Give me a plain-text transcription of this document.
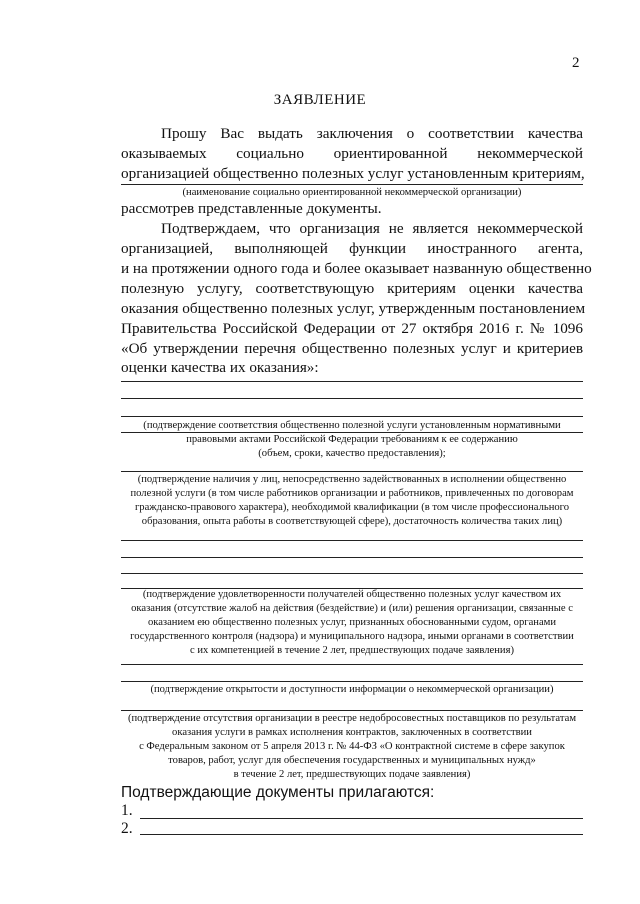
2
ЗАЯВЛЕНИЕ
Прошу Вас выдать заключения о соответствии качества
оказываемых социально ориентированной некоммерческой
организацией общественно полезных услуг установленным критериям,
(наименование социально ориентированной некоммерческой организации)
рассмотрев представленные документы.
Подтверждаем, что организация не является некоммерческой
организацией, выполняющей функции иностранного агента,
и на протяжении одного года и более оказывает названную общественно
полезную услугу, соответствующую критериям оценки качества
оказания общественно полезных услуг, утвержденным постановлением
Правительства Российской Федерации от 27 октября 2016 г. № 1096
«Об утверждении перечня общественно полезных услуг и критериев
оценки качества их оказания»:
(подтверждение соответствия общественно полезной услуги установленным нормативными
правовыми актами Российской Федерации требованиям к ее содержанию
(объем, сроки, качество предоставления);
(подтверждение наличия у лиц, непосредственно задействованных в исполнении общественно
полезной услуги (в том числе работников организации и работников, привлеченных по договорам
гражданско-правового характера), необходимой квалификации (в том числе профессионального
образования, опыта работы в соответствующей сфере), достаточность количества таких лиц)
(подтверждение удовлетворенности получателей общественно полезных услуг качеством их
оказания (отсутствие жалоб на действия (бездействие) и (или) решения организации, связанные с
оказанием ею общественно полезных услуг, признанных обоснованными судом, органами
государственного контроля (надзора) и муниципального надзора, иными органами в соответствии
с их компетенцией в течение 2 лет, предшествующих подаче заявления)
(подтверждение открытости и доступности информации о некоммерческой организации)
(подтверждение отсутствия организации в реестре недобросовестных поставщиков по результатам
оказания услуги в рамках исполнения контрактов, заключенных в соответствии
с Федеральным законом от 5 апреля 2013 г. № 44-ФЗ «О контрактной системе в сфере закупок
товаров, работ, услуг для обеспечения государственных и муниципальных нужд»
в течение 2 лет, предшествующих подаче заявления)
Подтверждающие документы прилагаются:
1.
2.
